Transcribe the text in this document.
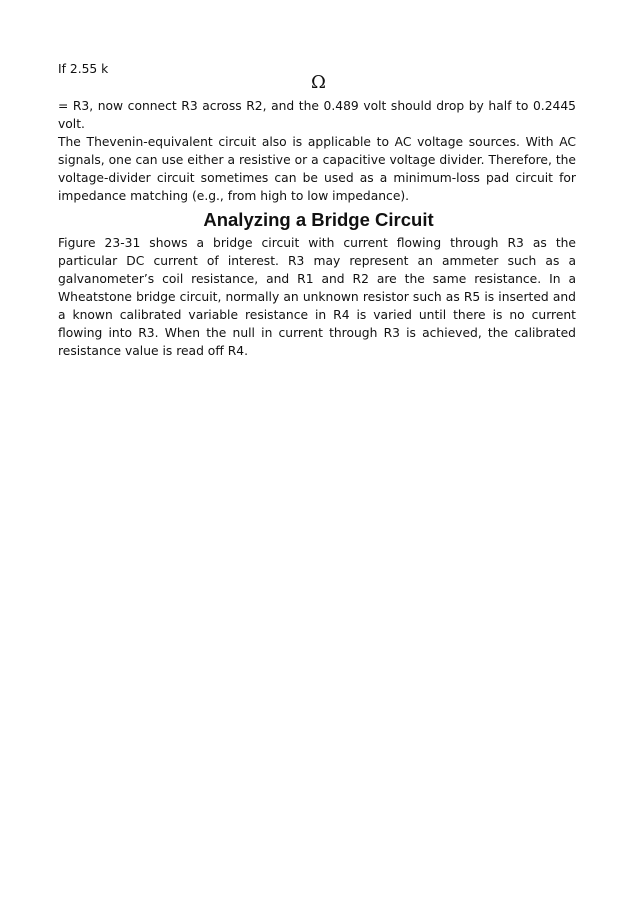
If 2.55 k

Ω

= R3, now connect R3 across R2, and the 0.489 volt should drop by half to 0.2445 volt.

The Thevenin-equivalent circuit also is applicable to AC voltage sources. With AC signals, one can use either a resistive or a capacitive voltage divider. Therefore, the voltage-divider circuit sometimes can be used as a minimum-loss pad circuit for impedance matching (e.g., from high to low impedance).

Analyzing a Bridge Circuit

Figure 23-31 shows a bridge circuit with current flowing through R3 as the particular DC current of interest. R3 may represent an ammeter such as a galvanometer’s coil resistance, and R1 and R2 are the same resistance. In a Wheatstone bridge circuit, normally an unknown resistor such as R5 is inserted and a known calibrated variable resistance in R4 is varied until there is no current flowing into R3. When the null in current through R3 is achieved, the calibrated resistance value is read off R4.
